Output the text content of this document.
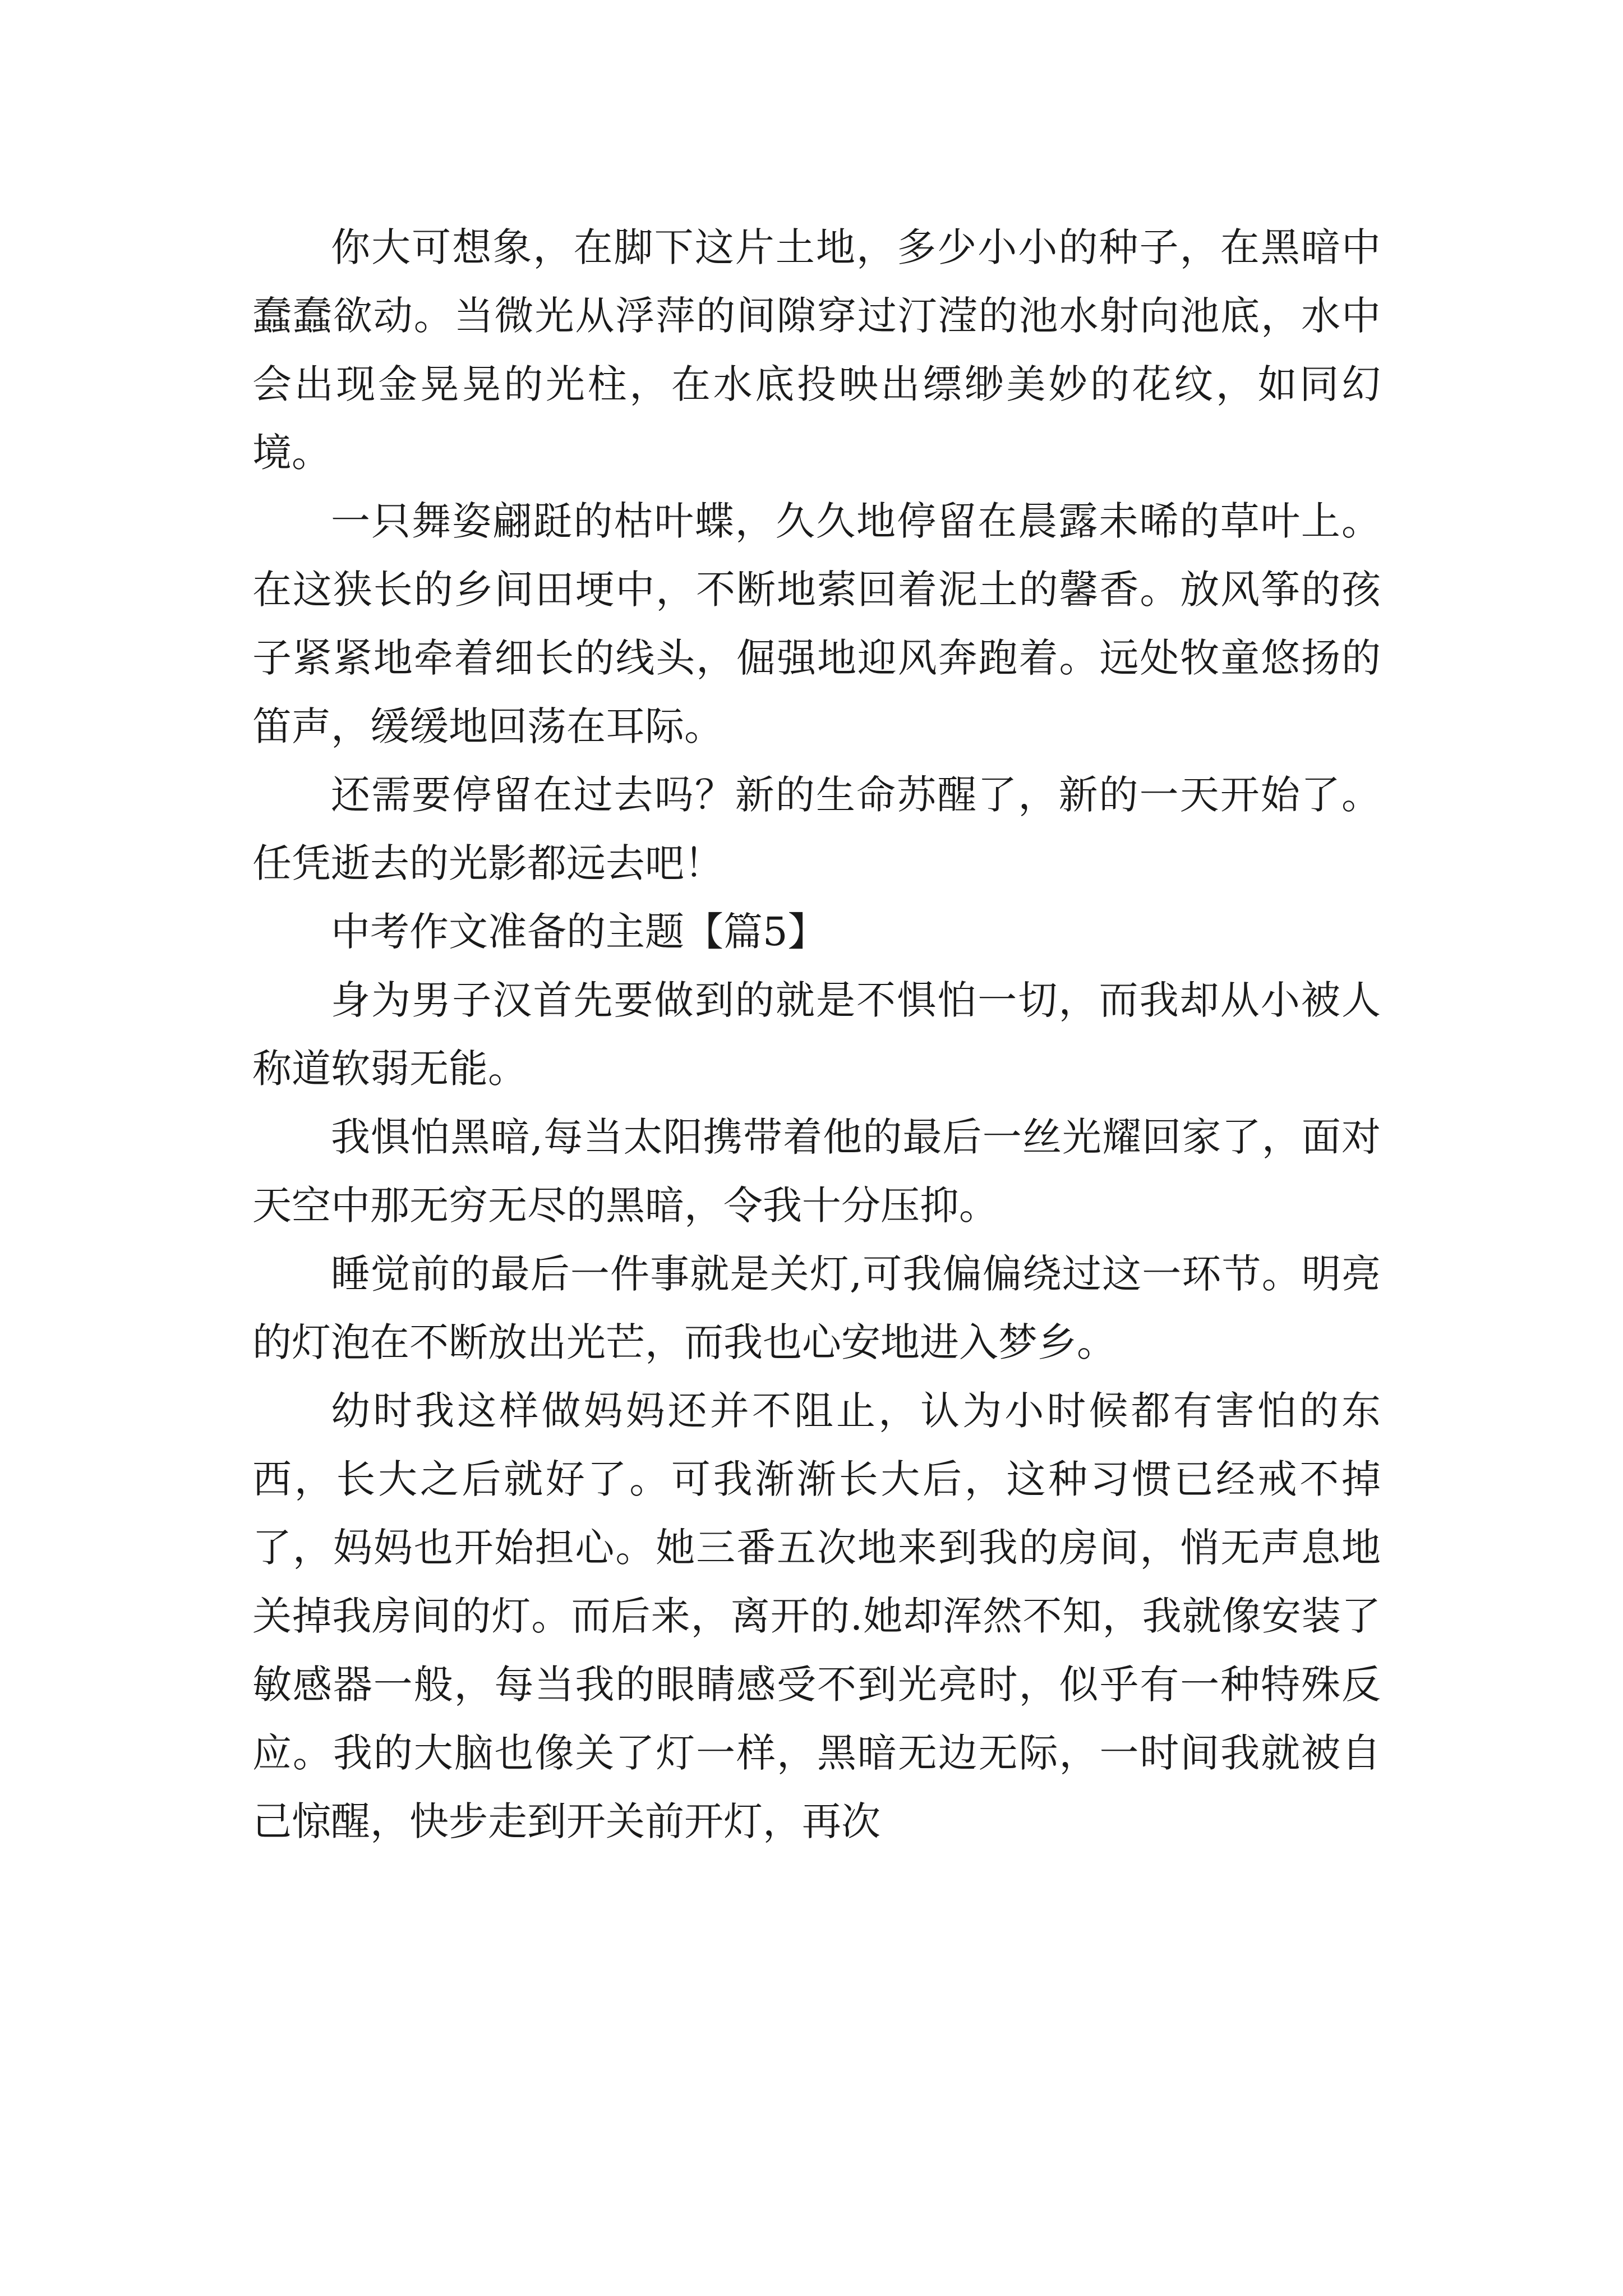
你大可想象，在脚下这片土地，多少小小的种子，在黑暗中蠢蠢欲动。当微光从浮萍的间隙穿过汀滢的池水射向池底，水中会出现金晃晃的光柱，在水底投映出缥缈美妙的花纹，如同幻境。

一只舞姿翩跹的枯叶蝶，久久地停留在晨露未晞的草叶上。在这狭长的乡间田埂中，不断地萦回着泥土的馨香。放风筝的孩子紧紧地牵着细长的线头，倔强地迎风奔跑着。远处牧童悠扬的笛声，缓缓地回荡在耳际。

还需要停留在过去吗？新的生命苏醒了，新的一天开始了。任凭逝去的光影都远去吧！

中考作文准备的主题【篇5】

身为男子汉首先要做到的就是不惧怕一切，而我却从小被人称道软弱无能。

我惧怕黑暗,每当太阳携带着他的最后一丝光耀回家了，面对天空中那无穷无尽的黑暗，令我十分压抑。

睡觉前的最后一件事就是关灯,可我偏偏绕过这一环节。明亮的灯泡在不断放出光芒，而我也心安地进入梦乡。

幼时我这样做妈妈还并不阻止，认为小时候都有害怕的东西，长大之后就好了。可我渐渐长大后，这种习惯已经戒不掉了，妈妈也开始担心。她三番五次地来到我的房间，悄无声息地关掉我房间的灯。而后来，离开的.她却浑然不知，我就像安装了敏感器一般，每当我的眼睛感受不到光亮时，似乎有一种特殊反应。我的大脑也像关了灯一样，黑暗无边无际，一时间我就被自己惊醒，快步走到开关前开灯，再次
